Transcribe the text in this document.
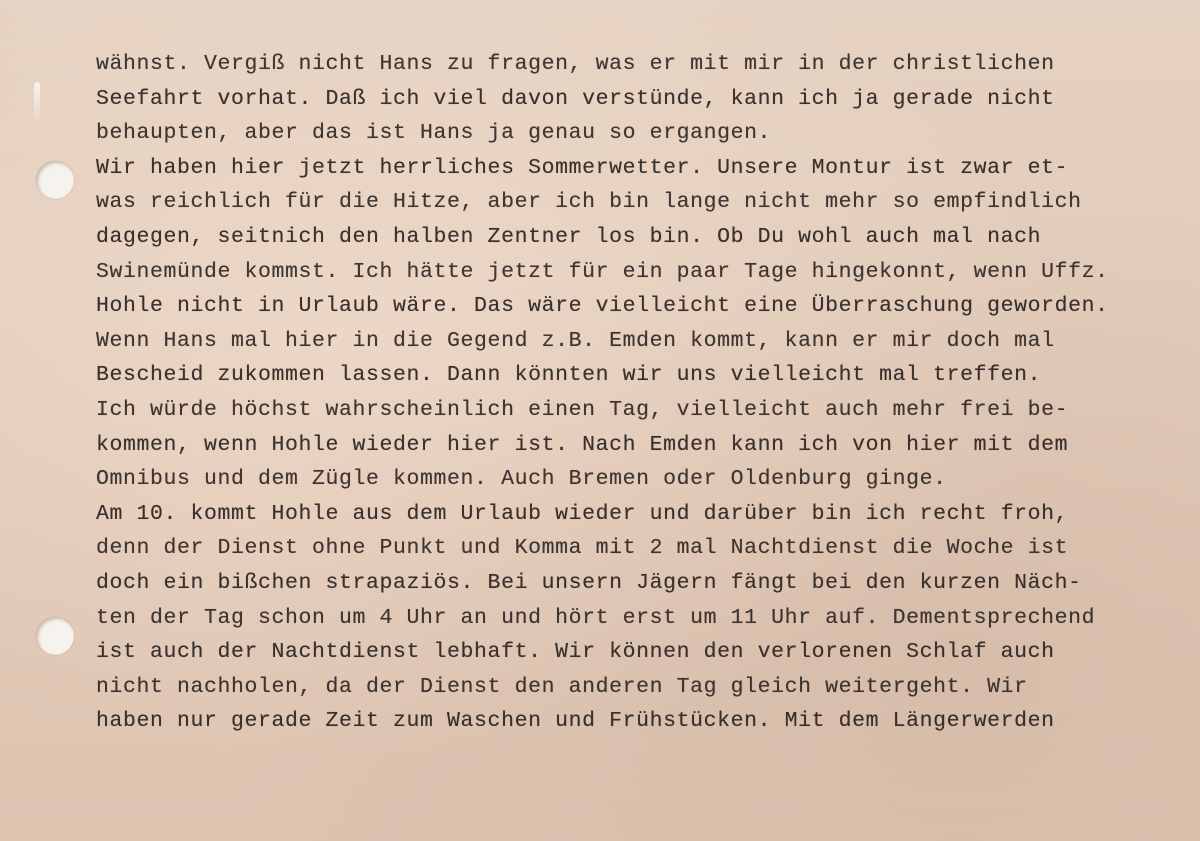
wähnst. Vergiß nicht Hans zu fragen, was er mit mir in der christlichen
Seefahrt vorhat. Daß ich viel davon verstünde, kann ich ja gerade nicht
behaupten, aber das ist Hans ja genau so ergangen.
Wir haben hier jetzt herrliches Sommerwetter. Unsere Montur ist zwar et-
was reichlich für die Hitze, aber ich bin lange nicht mehr so empfindlich
dagegen, seitnich den halben Zentner los bin. Ob Du wohl auch mal nach
Swinemünde kommst. Ich hätte jetzt für ein paar Tage hingekonnt, wenn Uffz.
Hohle nicht in Urlaub wäre. Das wäre vielleicht eine Überraschung geworden.
Wenn Hans mal hier in die Gegend z.B. Emden kommt, kann er mir doch mal
Bescheid zukommen lassen. Dann könnten wir uns vielleicht mal treffen.
Ich würde höchst wahrscheinlich einen Tag, vielleicht auch mehr frei be-
kommen, wenn Hohle wieder hier ist. Nach Emden kann ich von hier mit dem
Omnibus und dem Zügle kommen. Auch Bremen oder Oldenburg ginge.
Am 10. kommt Hohle aus dem Urlaub wieder und darüber bin ich recht froh,
denn der Dienst ohne Punkt und Komma mit 2 mal Nachtdienst die Woche ist
doch ein bißchen strapaziös. Bei unsern Jägern fängt bei den kurzen Näch-
ten der Tag schon um 4 Uhr an und hört erst um 11 Uhr auf. Dementsprechend
ist auch der Nachtdienst lebhaft. Wir können den verlorenen Schlaf auch
nicht nachholen, da der Dienst den anderen Tag gleich weitergeht. Wir
haben nur gerade Zeit zum Waschen und Frühstücken. Mit dem Längerwerden
